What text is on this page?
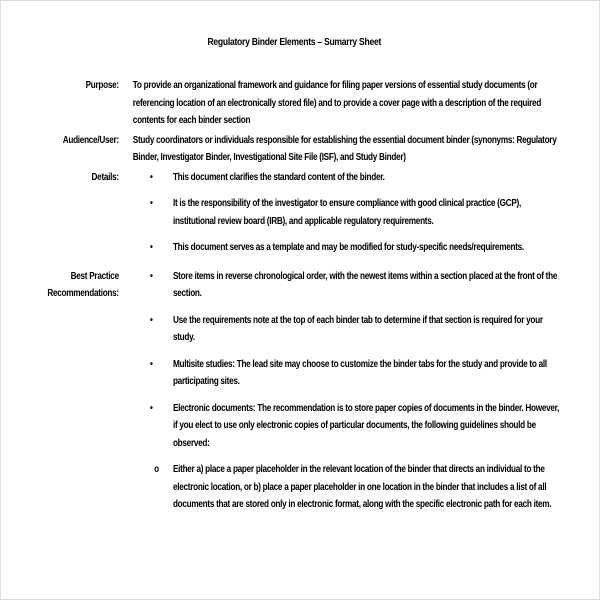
Regulatory Binder Elements – Sumarry Sheet
Purpose: To provide an organizational framework and guidance for filing paper versions of essential study documents (or referencing location of an electronically stored file) and to provide a cover page with a description of the required contents for each binder section

Audience/User: Study coordinators or individuals responsible for establishing the essential document binder (synonyms: Regulatory Binder, Investigator Binder, Investigational Site File (ISF), and Study Binder)

Details:	•	This document clarifies the standard content of the binder.
•	It is the responsibility of the investigator to ensure compliance with good clinical practice (GCP), institutional review board (IRB), and applicable regulatory requirements.
•	This document serves as a template and may be modified for study-specific needs/requirements.
Best Practice Recommendations:
•	Store items in reverse chronological order, with the newest items within a section placed at the front of the section.
•	Use the requirements note at the top of each binder tab to determine if that section is required for your study.
•	Multisite studies: The lead site may choose to customize the binder tabs for the study and provide to all participating sites.
•	Electronic documents: The recommendation is to store paper copies of documents in the binder. However, if you elect to use only electronic copies of particular documents, the following guidelines should be observed:
o	Either a) place a paper placeholder in the relevant location of the binder that directs an individual to the electronic location, or b) place a paper placeholder in one location in the binder that includes a list of all documents that are stored only in electronic format, along with the specific electronic path for each item.
